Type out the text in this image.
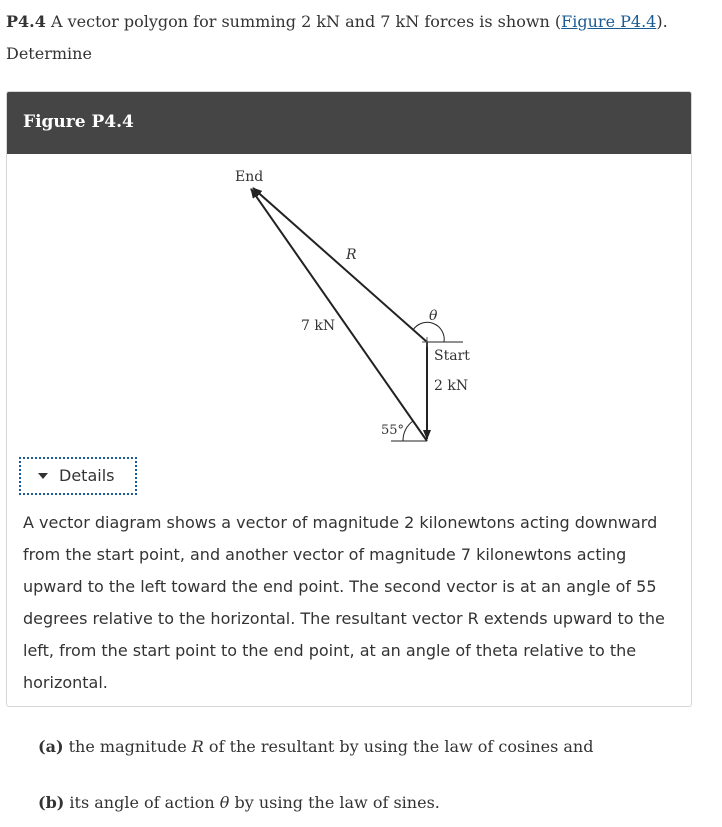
P4.4 A vector polygon for summing 2 kN and 7 kN forces is shown (Figure P4.4).
Determine
Figure P4.4
End
R
θ
Start
2 kN
7 kN
55°
Details
A vector diagram shows a vector of magnitude 2 kilonewtons acting downward from the start point, and another vector of magnitude 7 kilonewtons acting upward to the left toward the end point. The second vector is at an angle of 55 degrees relative to the horizontal. The resultant vector R extends upward to the left, from the start point to the end point, at an angle of theta relative to the horizontal.
(a) the magnitude R of the resultant by using the law of cosines and
(b) its angle of action θ by using the law of sines.
